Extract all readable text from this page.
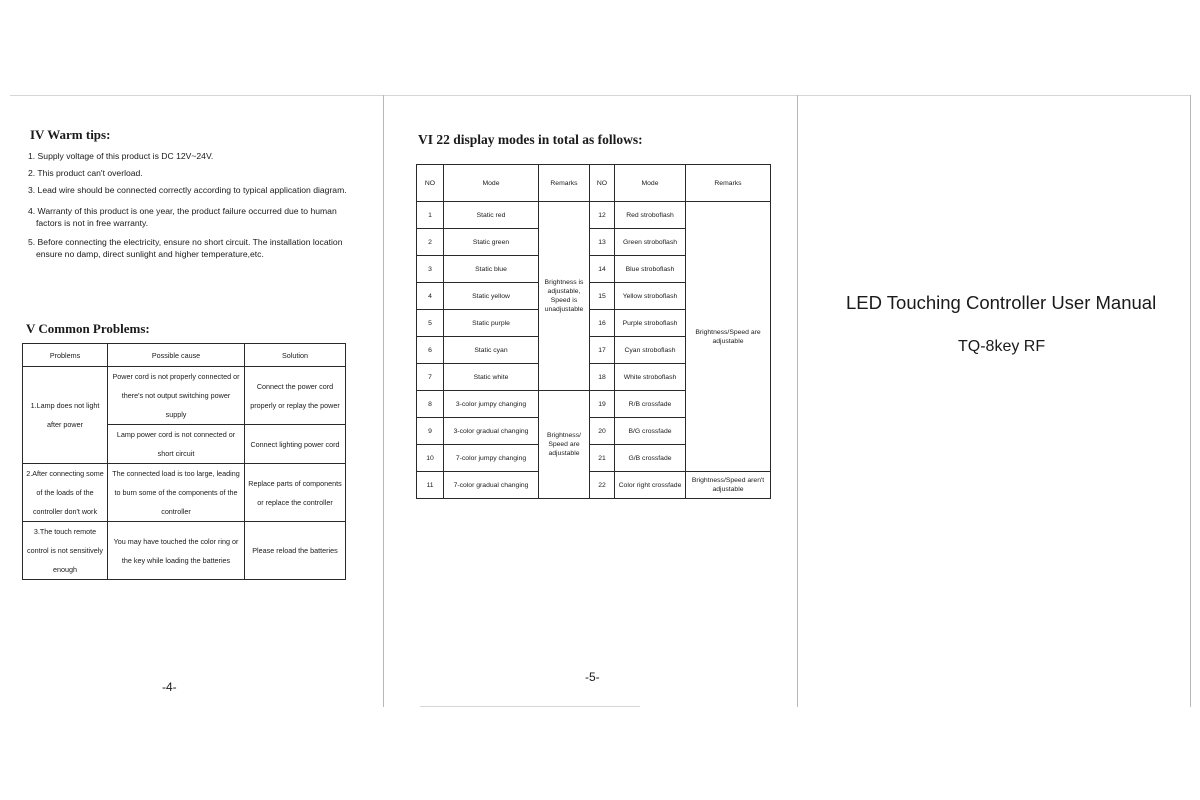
IV Warm tips:
1. Supply voltage of this product is DC 12V~24V.
2. This product can't overload.
3. Lead wire should be connected correctly according to typical application diagram.
4. Warranty of this product is one year, the product failure occurred due to human
factors is not in free warranty.
5. Before connecting the electricity, ensure no short circuit. The installation location
ensure no damp, direct sunlight and higher temperature,etc.
V Common Problems:
Problems	Possible cause	Solution
1.Lamp does not light after power	Power cord is not properly connected or there's not output switching power supply	Connect the power cord properly or replay the power
	Lamp power cord is not connected or short circuit	Connect lighting power cord
2.After connecting some of the loads of the controller don't work	The connected load is too large, leading to burn some of the components of the controller	Replace parts of components or replace the controller
3.The touch remote control is not sensitively enough	You may have touched the color ring or the key while loading the batteries	Please reload the batteries
-4-
VI 22 display modes in total as follows:
NO	Mode	Remarks	NO	Mode	Remarks
1	Static red	Brightness is adjustable, Speed is unadjustable	12	Red stroboflash	Brightness/Speed are adjustable
2	Static green		13	Green stroboflash	
3	Static blue		14	Blue stroboflash	
4	Static yellow		15	Yellow stroboflash	
5	Static purple		16	Purple stroboflash	
6	Static cyan		17	Cyan stroboflash	
7	Static white		18	White stroboflash	
8	3-color jumpy changing	Brightness/ Speed are adjustable	19	R/B crossfade	
9	3-color gradual changing		20	B/G crossfade	
10	7-color jumpy changing		21	G/B crossfade	
11	7-color gradual changing		22	Color right crossfade	Brightness/Speed aren't adjustable
-5-
LED Touching Controller User Manual
TQ-8key RF
